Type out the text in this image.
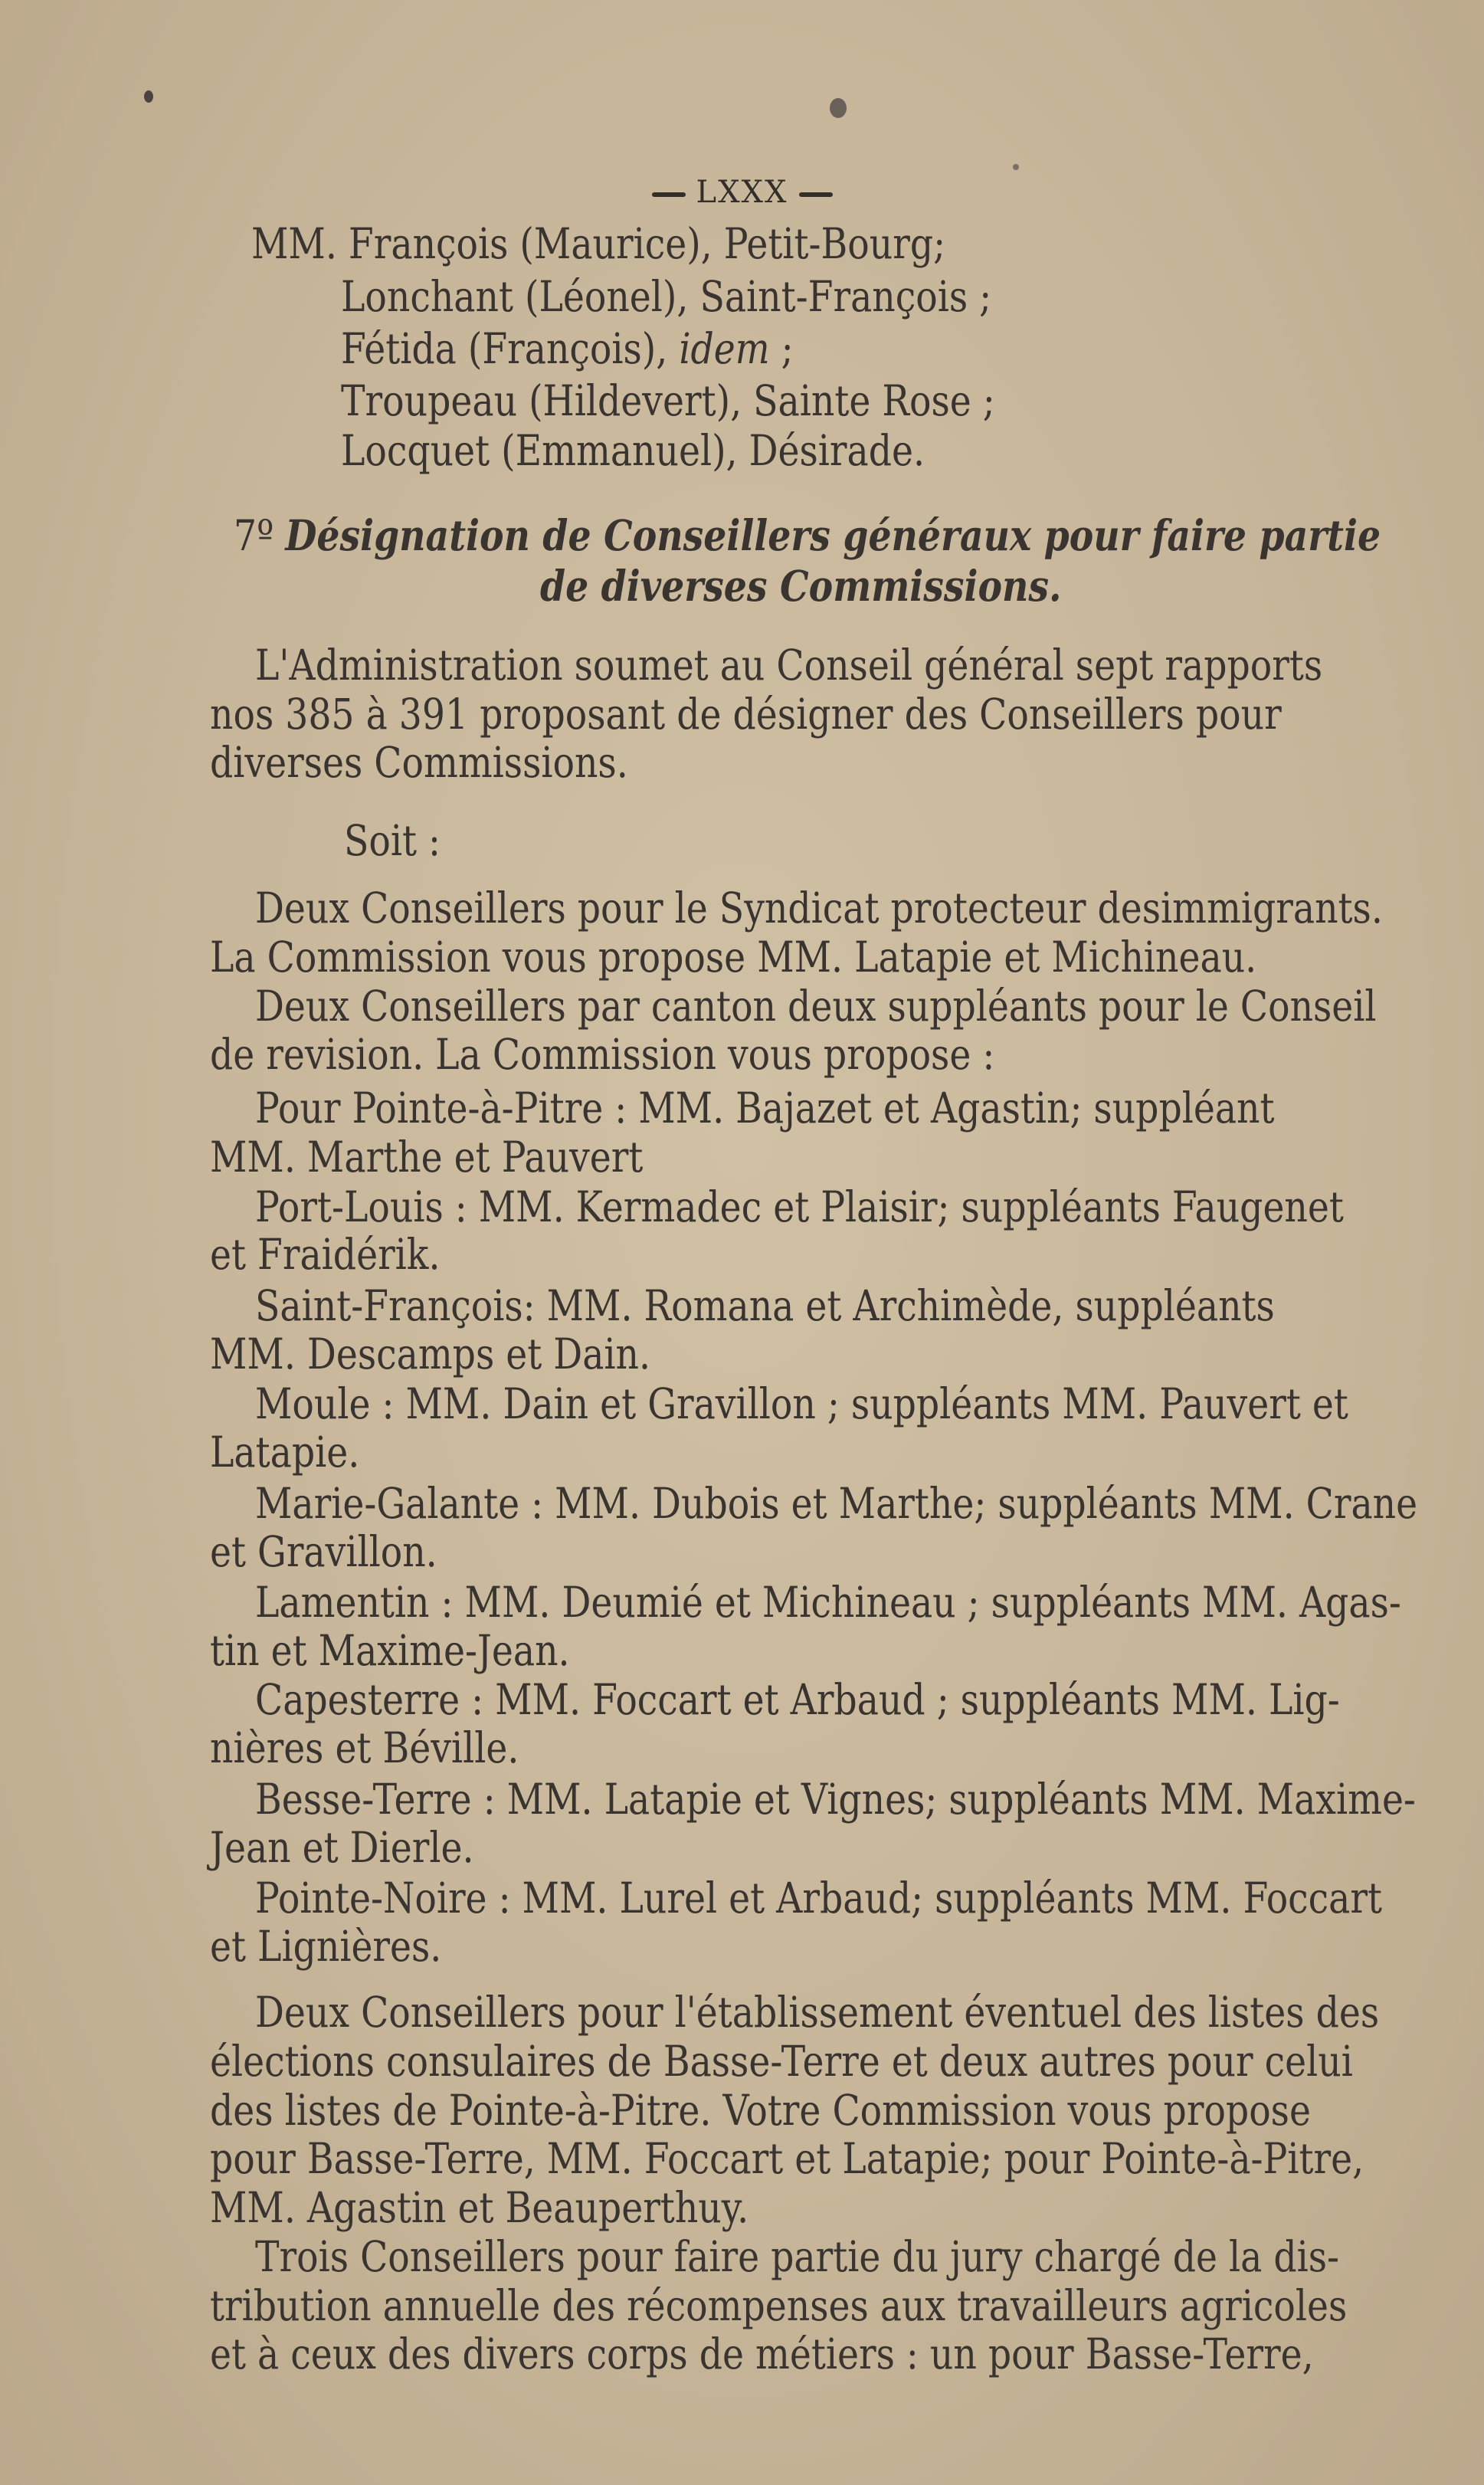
LXXX
MM. François (Maurice), Petit-Bourg;
Lonchant (Léonel), Saint-François ;
Fétida (François), idem ;
Troupeau (Hildevert), Sainte Rose ;
Locquet (Emmanuel), Désirade.
7º Désignation de Conseillers généraux pour faire partie
de diverses Commissions.
L'Administration soumet au Conseil général sept rapports
nos 385 à 391 proposant de désigner des Conseillers pour
diverses Commissions.
Soit :
Deux Conseillers pour le Syndicat protecteur desimmigrants.
La Commission vous propose MM. Latapie et Michineau.
Deux Conseillers par canton deux suppléants pour le Conseil
de revision. La Commission vous propose :
Pour Pointe-à-Pitre : MM. Bajazet et Agastin; suppléant
MM. Marthe et Pauvert
Port-Louis : MM. Kermadec et Plaisir; suppléants Faugenet
et Fraidérik.
Saint-François: MM. Romana et Archimède, suppléants
MM. Descamps et Dain.
Moule : MM. Dain et Gravillon ; suppléants MM. Pauvert et
Latapie.
Marie-Galante : MM. Dubois et Marthe; suppléants MM. Crane
et Gravillon.
Lamentin : MM. Deumié et Michineau ; suppléants MM. Agas-
tin et Maxime-Jean.
Capesterre : MM. Foccart et Arbaud ; suppléants MM. Lig-
nières et Béville.
Besse-Terre : MM. Latapie et Vignes; suppléants MM. Maxime-
Jean et Dierle.
Pointe-Noire : MM. Lurel et Arbaud; suppléants MM. Foccart
et Lignières.
Deux Conseillers pour l'établissement éventuel des listes des
élections consulaires de Basse-Terre et deux autres pour celui
des listes de Pointe-à-Pitre. Votre Commission vous propose
pour Basse-Terre, MM. Foccart et Latapie; pour Pointe-à-Pitre,
MM. Agastin et Beauperthuy.
Trois Conseillers pour faire partie du jury chargé de la dis-
tribution annuelle des récompenses aux travailleurs agricoles
et à ceux des divers corps de métiers : un pour Basse-Terre,
